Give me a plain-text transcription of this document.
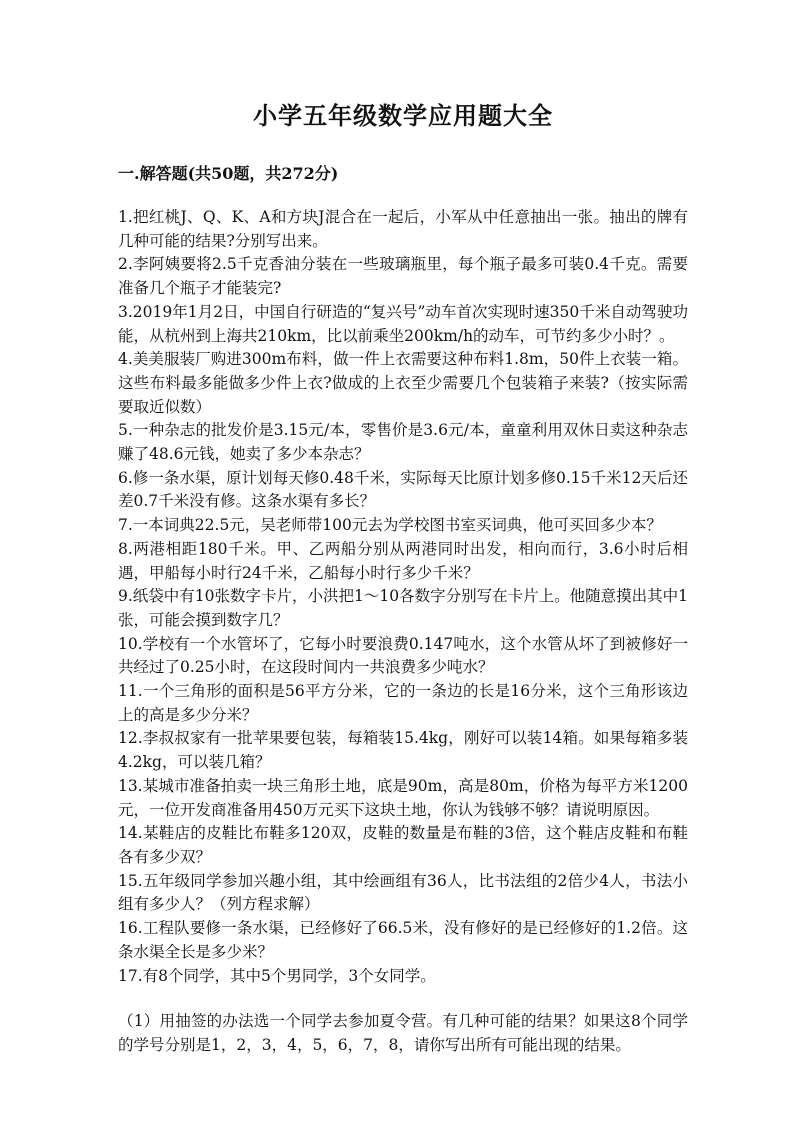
小学五年级数学应用题大全
一.解答题(共50题，共272分)
1.把红桃J、Q、K、A和方块J混合在一起后，小军从中任意抽出一张。抽出的牌有几种可能的结果?分别写出来。
2.李阿姨要将2.5千克香油分装在一些玻璃瓶里，每个瓶子最多可装0.4千克。需要准备几个瓶子才能装完?
3.2019年1月2日，中国自行研造的“复兴号”动车首次实现时速350千米自动驾驶功能，从杭州到上海共210km，比以前乘坐200km/h的动车，可节约多少小时？。
4.美美服装厂购进300m布料，做一件上衣需要这种布料1.8m，50件上衣装一箱。这些布料最多能做多少件上衣?做成的上衣至少需要几个包装箱子来装?（按实际需要取近似数）
5.一种杂志的批发价是3.15元/本，零售价是3.6元/本，童童利用双休日卖这种杂志赚了48.6元钱，她卖了多少本杂志？
6.修一条水渠，原计划每天修0.48千米，实际每天比原计划多修0.15千米12天后还差0.7千米没有修。这条水渠有多长？
7.一本词典22.5元，吴老师带100元去为学校图书室买词典，他可买回多少本？
8.两港相距180千米。甲、乙两船分别从两港同时出发，相向而行，3.6小时后相遇，甲船每小时行24千米，乙船每小时行多少千米？
9.纸袋中有10张数字卡片，小洪把1～10各数字分别写在卡片上。他随意摸出其中1张，可能会摸到数字几？
10.学校有一个水管坏了，它每小时要浪费0.147吨水，这个水管从坏了到被修好一共经过了0.25小时，在这段时间内一共浪费多少吨水？
11.一个三角形的面积是56平方分米，它的一条边的长是16分米，这个三角形该边上的高是多少分米？
12.李叔叔家有一批苹果要包装，每箱装15.4kg，刚好可以装14箱。如果每箱多装4.2kg，可以装几箱？
13.某城市准备拍卖一块三角形土地，底是90m，高是80m，价格为每平方米1200元，一位开发商准备用450万元买下这块土地，你认为钱够不够？请说明原因。
14.某鞋店的皮鞋比布鞋多120双，皮鞋的数量是布鞋的3倍，这个鞋店皮鞋和布鞋各有多少双？
15.五年级同学参加兴趣小组，其中绘画组有36人，比书法组的2倍少4人，书法小组有多少人？（列方程求解）
16.工程队要修一条水渠，已经修好了66.5米，没有修好的是已经修好的1.2倍。这条水渠全长是多少米？
17.有8个同学，其中5个男同学，3个女同学。

（1）用抽签的办法选一个同学去参加夏令营。有几种可能的结果？如果这8个同学的学号分别是1，2，3，4，5，6，7，8，请你写出所有可能出现的结果。
